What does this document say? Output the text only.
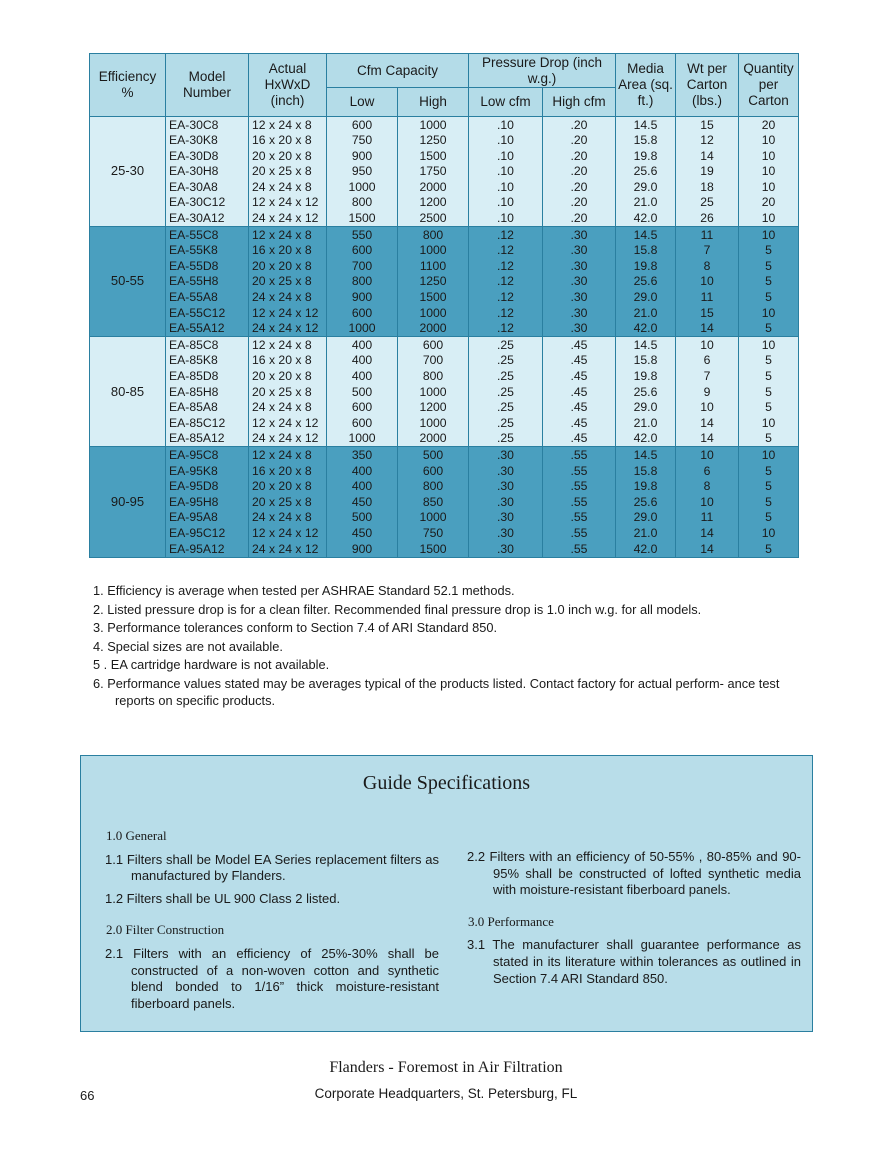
Efficiency %	Model Number	Actual HxWxD (inch)	Cfm Capacity		Pressure Drop (inch w.g.)		Media Area (sq. ft.)	Wt per Carton (lbs.)	Quantity per Carton
			Low	High	Low cfm	High cfm			
25-30	EA-30C8	12 x 24 x 8	600	1000	.10	.20	14.5	15	20
	EA-30K8	16 x 20 x 8	750	1250	.10	.20	15.8	12	10
	EA-30D8	20 x 20 x 8	900	1500	.10	.20	19.8	14	10
	EA-30H8	20 x 25 x 8	950	1750	.10	.20	25.6	19	10
	EA-30A8	24 x 24 x 8	1000	2000	.10	.20	29.0	18	10
	EA-30C12	12 x 24 x 12	800	1200	.10	.20	21.0	25	20
	EA-30A12	24 x 24 x 12	1500	2500	.10	.20	42.0	26	10
50-55	EA-55C8	12 x 24 x 8	550	800	.12	.30	14.5	11	10
	EA-55K8	16 x 20 x 8	600	1000	.12	.30	15.8	7	5
	EA-55D8	20 x 20 x 8	700	1100	.12	.30	19.8	8	5
	EA-55H8	20 x 25 x 8	800	1250	.12	.30	25.6	10	5
	EA-55A8	24 x 24 x 8	900	1500	.12	.30	29.0	11	5
	EA-55C12	12 x 24 x 12	600	1000	.12	.30	21.0	15	10
	EA-55A12	24 x 24 x 12	1000	2000	.12	.30	42.0	14	5
80-85	EA-85C8	12 x 24 x 8	400	600	.25	.45	14.5	10	10
	EA-85K8	16 x 20 x 8	400	700	.25	.45	15.8	6	5
	EA-85D8	20 x 20 x 8	400	800	.25	.45	19.8	7	5
	EA-85H8	20 x 25 x 8	500	1000	.25	.45	25.6	9	5
	EA-85A8	24 x 24 x 8	600	1200	.25	.45	29.0	10	5
	EA-85C12	12 x 24 x 12	600	1000	.25	.45	21.0	14	10
	EA-85A12	24 x 24 x 12	1000	2000	.25	.45	42.0	14	5
90-95	EA-95C8	12 x 24 x 8	350	500	.30	.55	14.5	10	10
	EA-95K8	16 x 20 x 8	400	600	.30	.55	15.8	6	5
	EA-95D8	20 x 20 x 8	400	800	.30	.55	19.8	8	5
	EA-95H8	20 x 25 x 8	450	850	.30	.55	25.6	10	5
	EA-95A8	24 x 24 x 8	500	1000	.30	.55	29.0	11	5
	EA-95C12	12 x 24 x 12	450	750	.30	.55	21.0	14	10
	EA-95A12	24 x 24 x 12	900	1500	.30	.55	42.0	14	5
1. Efficiency is average when tested per ASHRAE Standard 52.1 methods.
2. Listed pressure drop is for a clean filter. Recommended final pressure drop is 1.0 inch w.g. for all models.
3. Performance tolerances conform to Section 7.4 of ARI Standard 850.
4. Special sizes are not available.
5 . EA cartridge hardware is not available.
6. Performance values stated may be averages typical of the products listed. Contact factory for actual perform- ance test reports on specific products.
Guide Specifications
1.0 General
1.1 Filters shall be Model EA Series replacement filters as manufactured by Flanders.
1.2 Filters shall be UL 900 Class 2 listed.
2.0 Filter Construction
2.1 Filters with an efficiency of 25%-30% shall be constructed of a non-woven cotton and synthetic blend bonded to 1/16” thick moisture-resistant fiberboard panels.
2.2 Filters with an efficiency of 50-55% , 80-85% and 90-95% shall be constructed of lofted synthetic media with moisture-resistant fiberboard panels.
3.0 Performance
3.1 The manufacturer shall guarantee performance as stated in its literature within tolerances as outlined in Section 7.4 ARI Standard 850.
Flanders - Foremost in Air Filtration
Corporate Headquarters, St. Petersburg, FL
66
